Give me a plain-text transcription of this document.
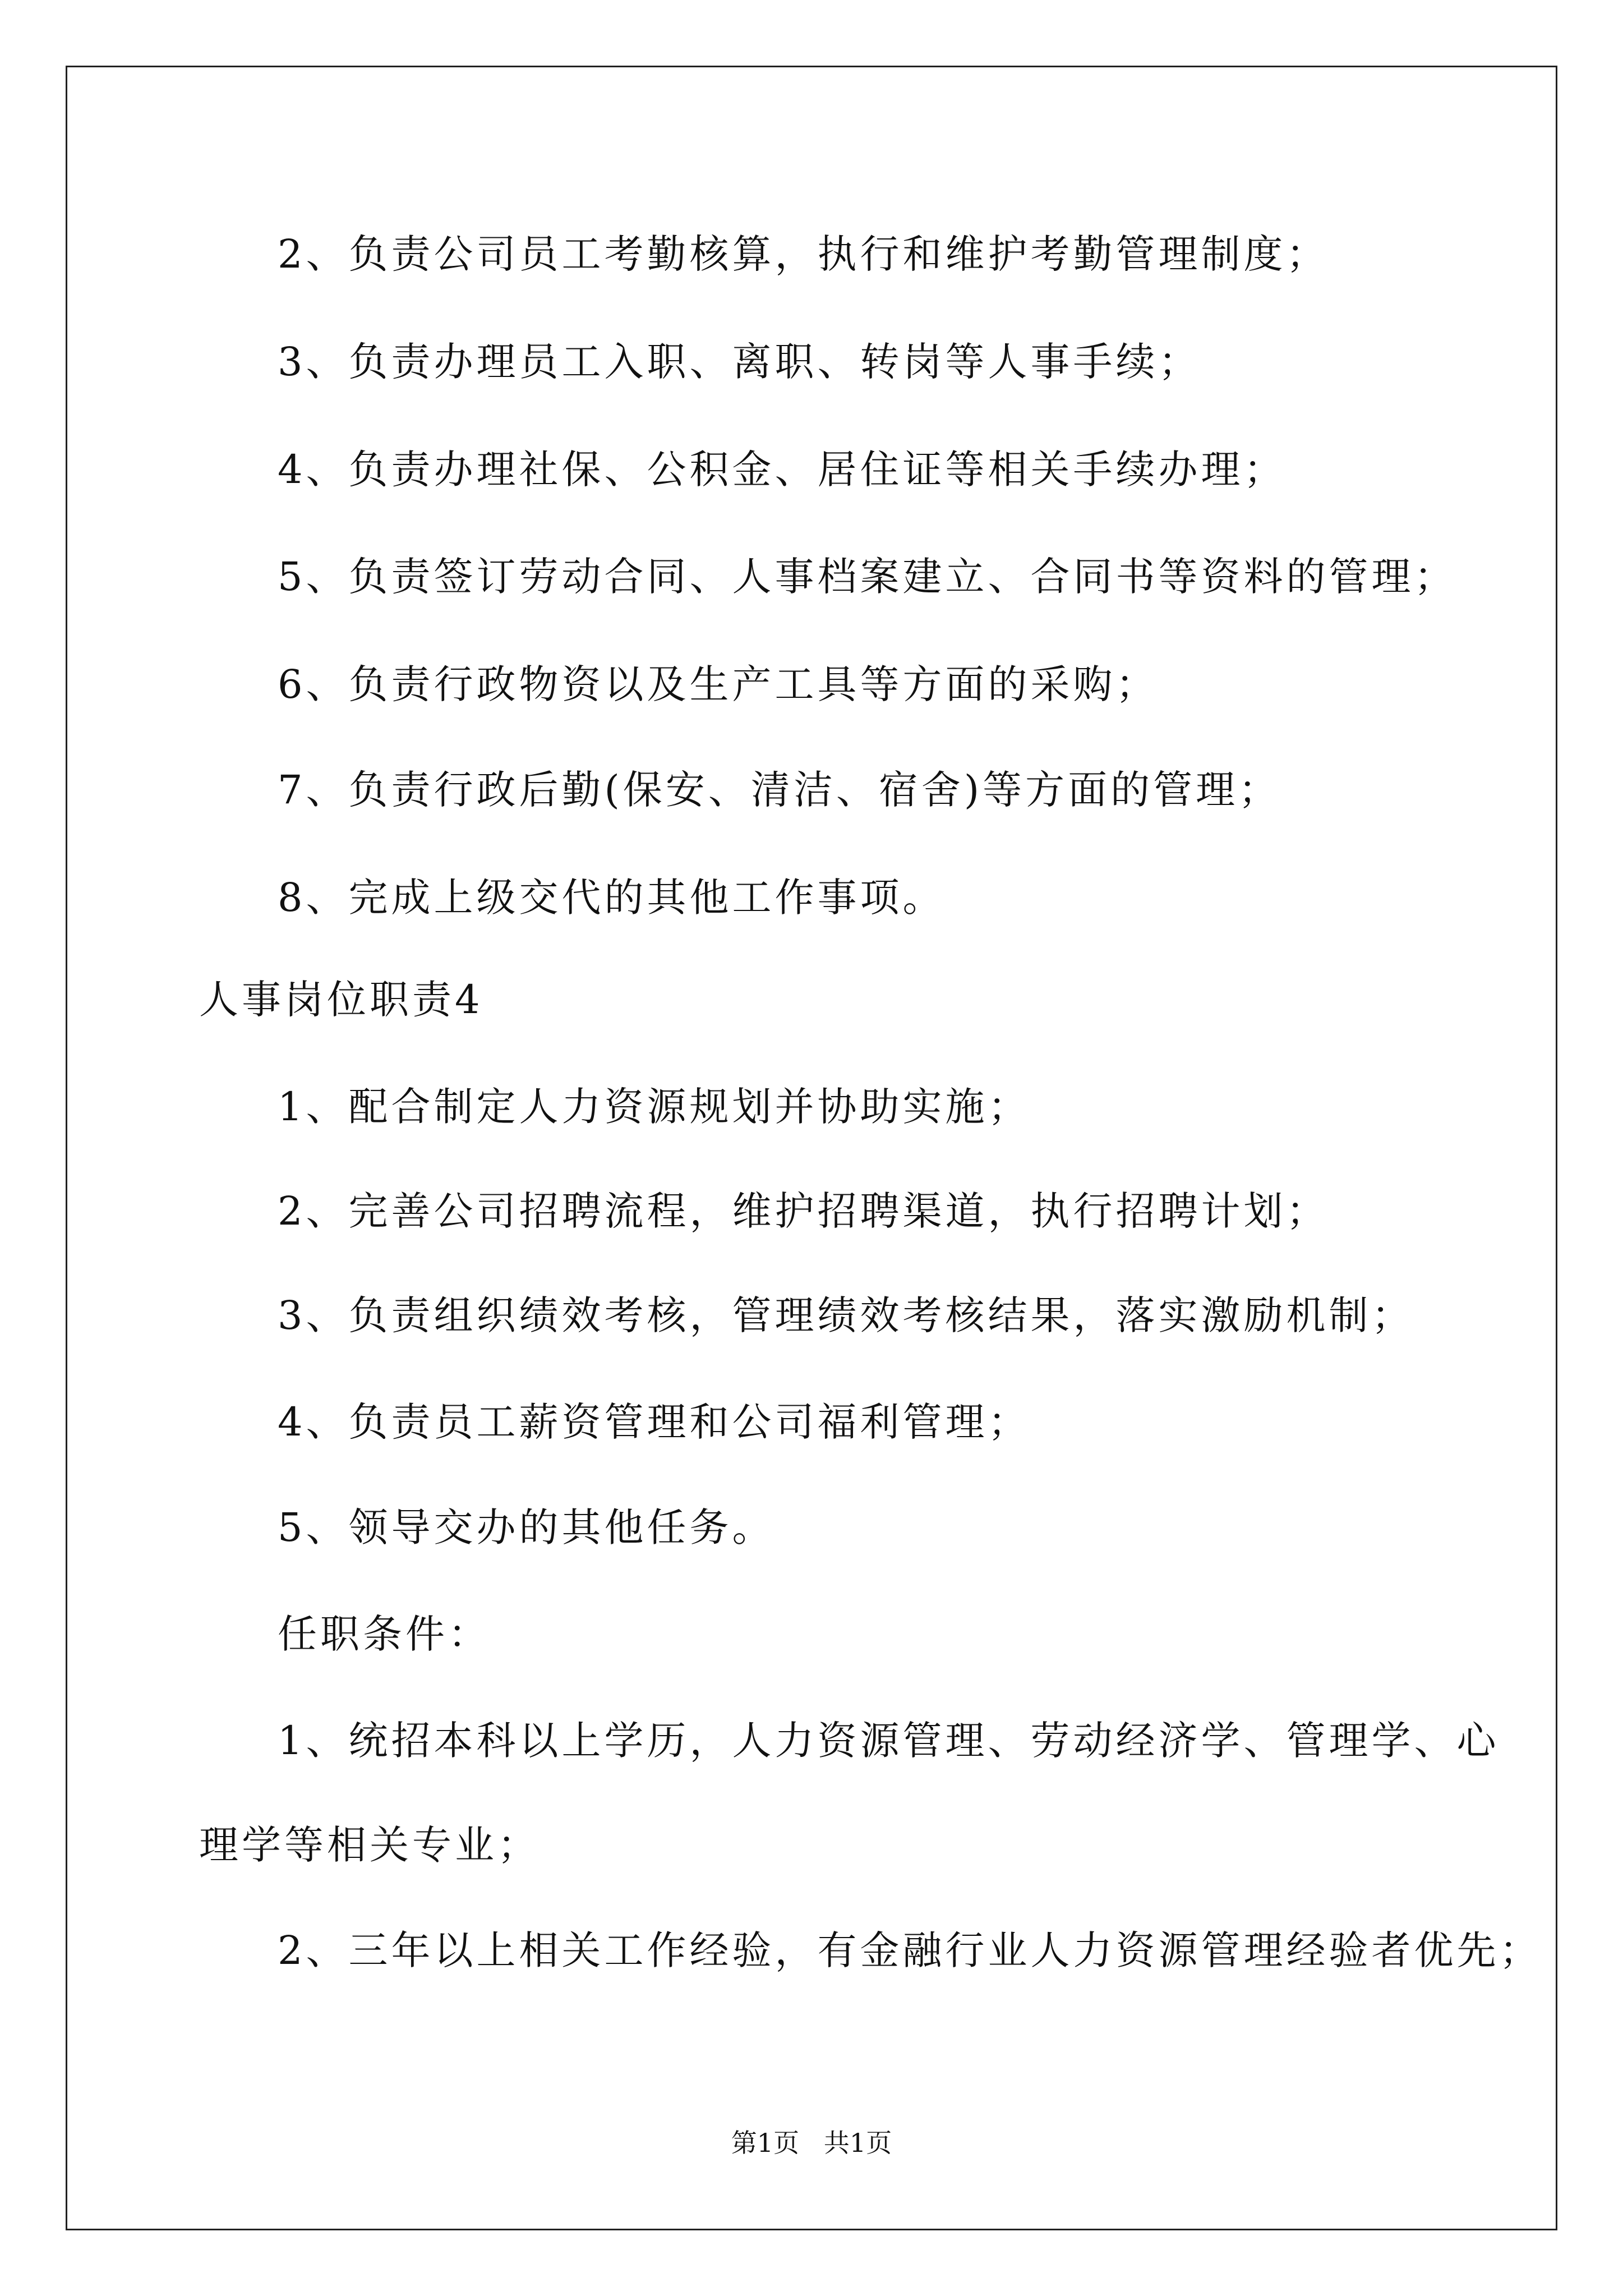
2、负责公司员工考勤核算，执行和维护考勤管理制度；
3、负责办理员工入职、离职、转岗等人事手续；
4、负责办理社保、公积金、居住证等相关手续办理；
5、负责签订劳动合同、人事档案建立、合同书等资料的管理；
6、负责行政物资以及生产工具等方面的采购；
7、负责行政后勤(保安、清洁、宿舍)等方面的管理；
8、完成上级交代的其他工作事项。
人事岗位职责4
1、配合制定人力资源规划并协助实施；
2、完善公司招聘流程，维护招聘渠道，执行招聘计划；
3、负责组织绩效考核，管理绩效考核结果，落实激励机制；
4、负责员工薪资管理和公司福利管理；
5、领导交办的其他任务。
任职条件：
1、统招本科以上学历，人力资源管理、劳动经济学、管理学、心
理学等相关专业；
2、三年以上相关工作经验，有金融行业人力资源管理经验者优先；
第1页   共1页
